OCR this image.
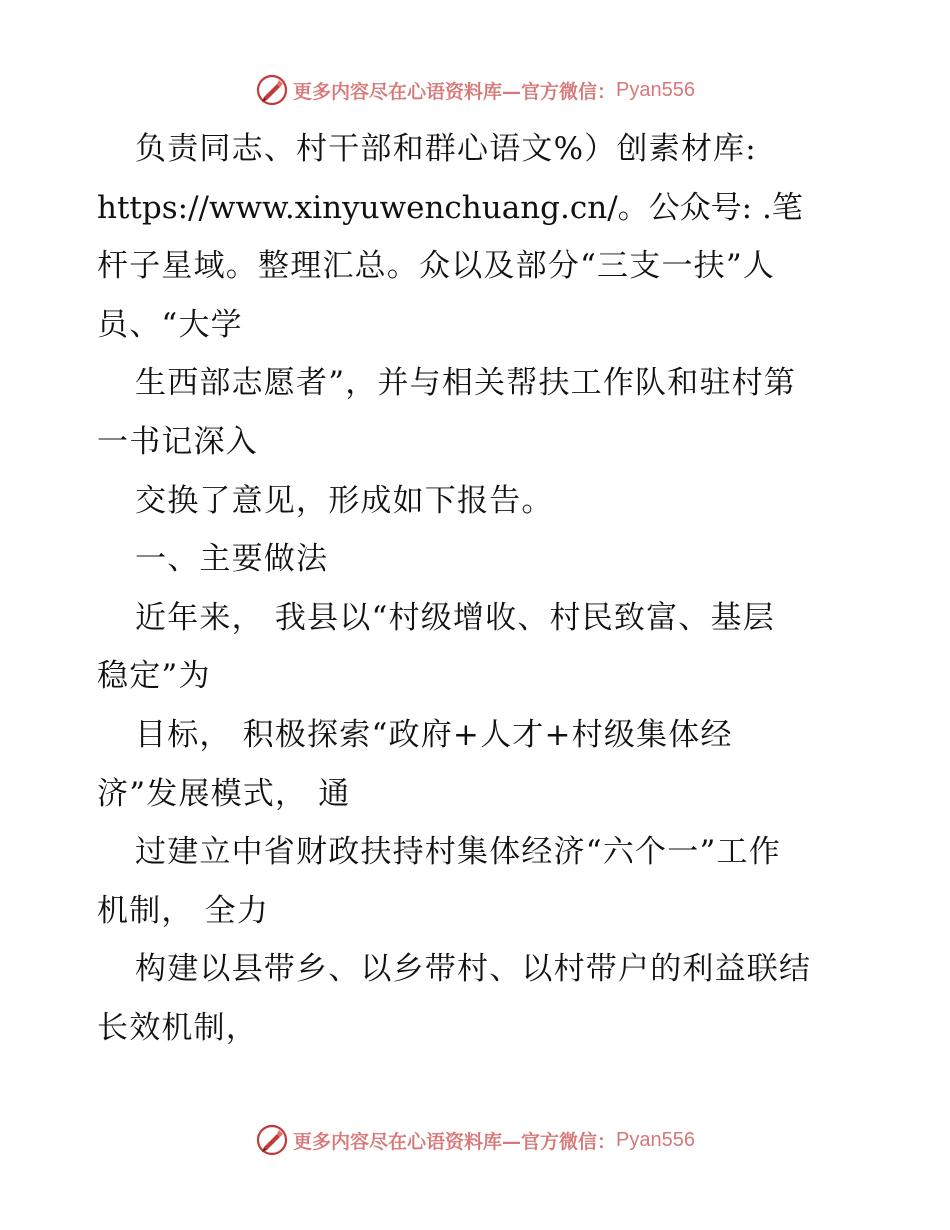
更多内容尽在心语资料库—官方微信： Pyan556
负责同志、村干部和群心语文%）创素材库:
https://www.xinyuwenchuang.cn/。公众号: .笔
杆子星域。整理汇总。众以及部分“三支一扶”人
员、“大学
生西部志愿者”，并与相关帮扶工作队和驻村第
一书记深入
交换了意见，形成如下报告。
一、主要做法
近年来， 我县以“村级增收、村民致富、基层
稳定”为
目标， 积极探索“政府+人才+村级集体经
济”发展模式， 通
过建立中省财政扶持村集体经济“六个一”工作
机制， 全力
构建以县带乡、以乡带村、以村带户的利益联结
长效机制，
更多内容尽在心语资料库—官方微信： Pyan556
